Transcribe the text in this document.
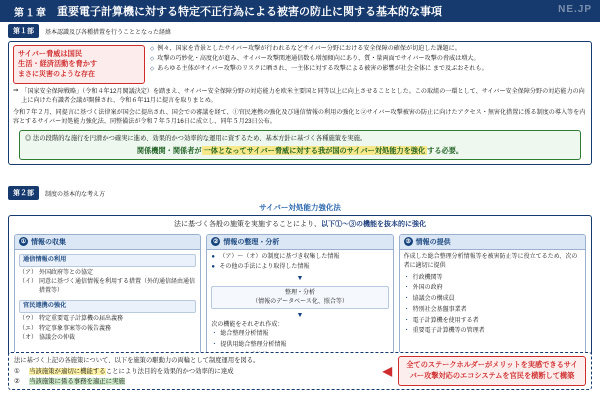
第１章 重要電子計算機に対する特定不正行為による被害の防止に関する基本的な事項	NE.JP
第１部	基本認識及び各種措置を行うこととなった経緯
サイバー脅威は国民
生活・経済活動を脅かす
まさに災害のような存在
◇ 例々、国家を背景としたサイバー攻撃が行われるなどサイバー分野における安全保障の確保が切迫した課題に。
◇ 攻撃の巧妙化・高度化が進み、サイバー攻撃関連通信数も増加傾向にあり、質・量両面でサイバー攻撃の脅威は増大。
◇ あらゆる主体がサイバー攻撃のリスクに晒され、一主体に対する攻撃による被害の影響が社会全体に まで及ぶおそれも。
⇒ 「国家安全保障戦略」（令和４年12月閣議決定）を踏まえ、サイバー安全保障分野の対応能力を欧米主要国と同等以上に向上させることとした。この取組の一環として、サイバー安全保障分野の対応能力の向上に向けた有識者会議が開催され、令和６年11月に提言を取りまとめ。
令和７年２月、同提言に基づく法律案が国会に提出され、国会での審議を経て、①官民連携の強化及び通信情報の利用の強化と②サイバー攻撃被害の防止に向けたアクセス・無害化措置に係る制度の導入等を内容とするサイバー対処能力強化法、同整備法が令和７年５月16日に成立し、同年５月23日公布。
◎ 法の段階的な施行を円滑かつ確実に進め、効果的かつ効率的な運用に資するため、基本方針に基づく各種施策を実施。
関係機関・関係者が 一体となってサイバー脅威に対する我が国のサイバー対処能力を強化 する必要。
第２部	制度の基本的な考え方
サイバー対処能力強化法
法に基づく各般の施策を実施することにより、以下①～③の機能を抜本的に強化
① 情報の収集
通信情報の利用
（ア） 外国政府等との協定
（イ） 同意に基づく通信情報を利用する措置（外的通信経由通信措置等）
官民連携の強化
（ウ） 特定重要電子計算機の届出義務
（エ） 特定事象事案等の報告義務
（オ） 協議会の仲裁
② 情報の整理・分析
● （ア）～（オ）の制度に基づき収集した情報
● その他の手法により取得した情報
▼
整理・分析
（情報のデータベース化、照合等）
▼
次の機能をそれぞれ作成：
・ 総合整理分析情報
・ 提供用総合整理分析情報
③ 情報の提供
作成した総合整理分析情報等を被害防止等に役立てるため、次の者に適切に提供
・ 行政機関等
・ 外国の政府
・ 協議会の構成員
・ 特別社会基盤事業者
・ 電子計算機を使用する者
・ 重要電子計算機等の管理者
法に基づく上記の各施策について、以下を施策の駆動力の両輪として制度運用を図る。
①	当該施策が適切に機能することにより法目的を効果的かつ効率的に達成
②	当該施策に係る事務を適正に実施
◀	全てのステークホルダーがメリットを実感できるサイバー攻撃対応のエコシステムを官民を横断して構築
